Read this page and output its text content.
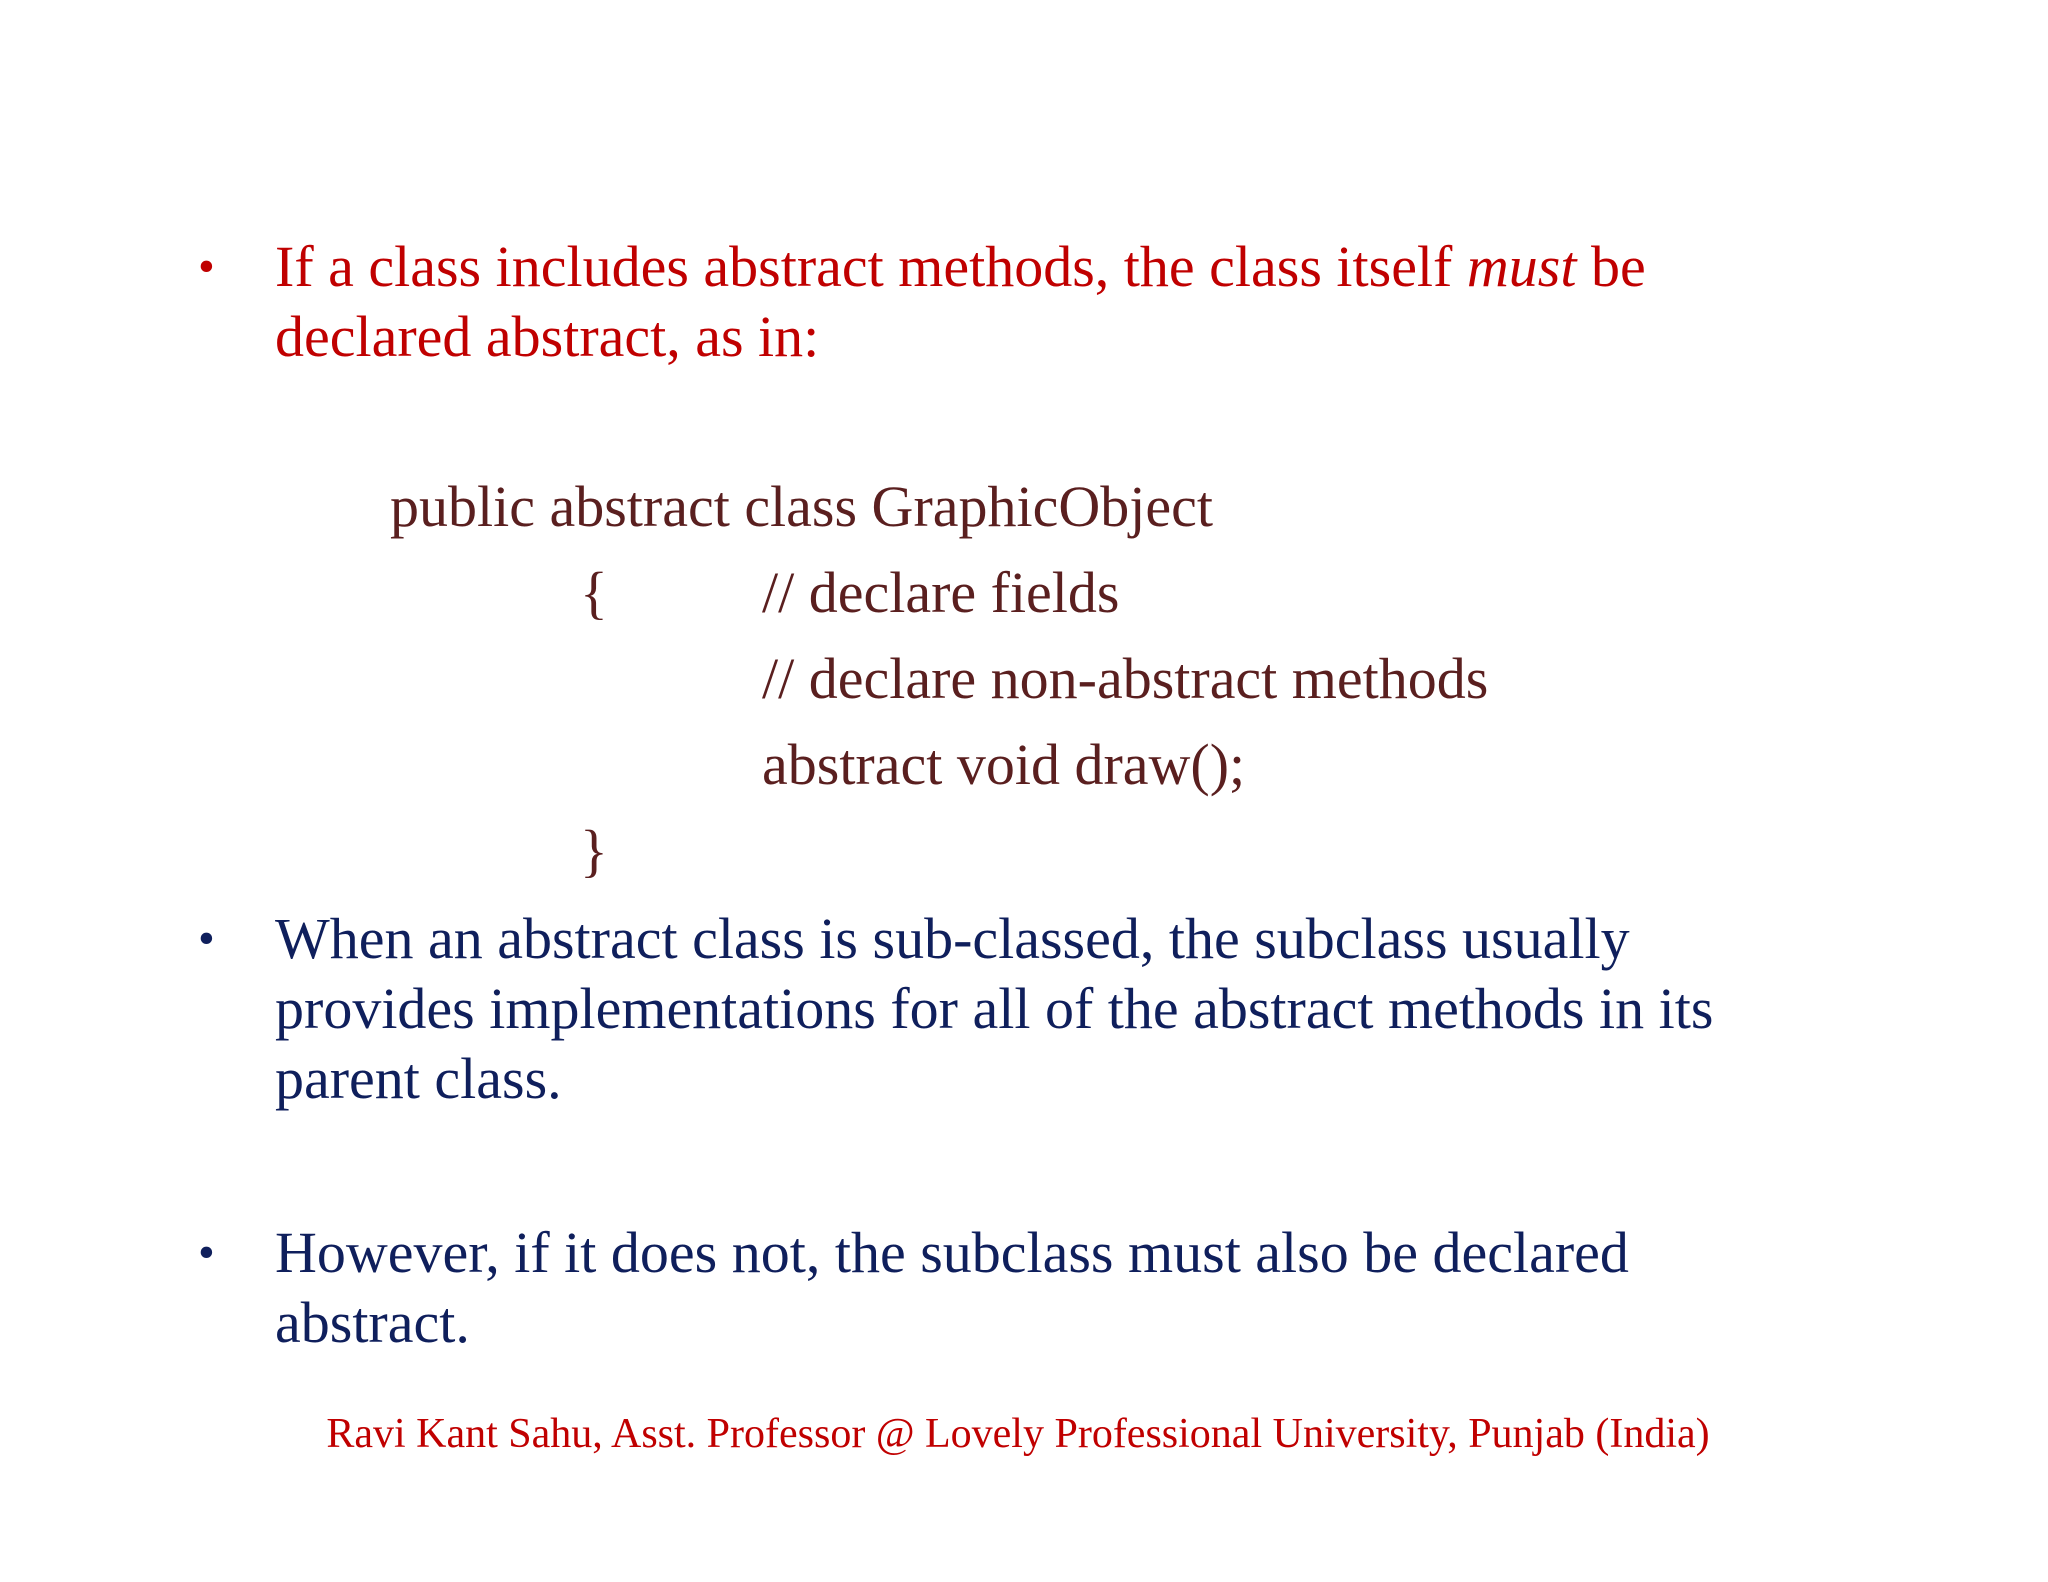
•	If a class includes abstract methods, the class itself must be
declared abstract, as in:
public abstract class GraphicObject
{	// declare fields
// declare non-abstract methods
abstract void draw();
}
•	When an abstract class is sub-classed, the subclass usually
provides implementations for all of the abstract methods in its
parent class.
•	However, if it does not, the subclass must also be declared
abstract.
Ravi Kant Sahu, Asst. Professor @ Lovely Professional University, Punjab (India)
